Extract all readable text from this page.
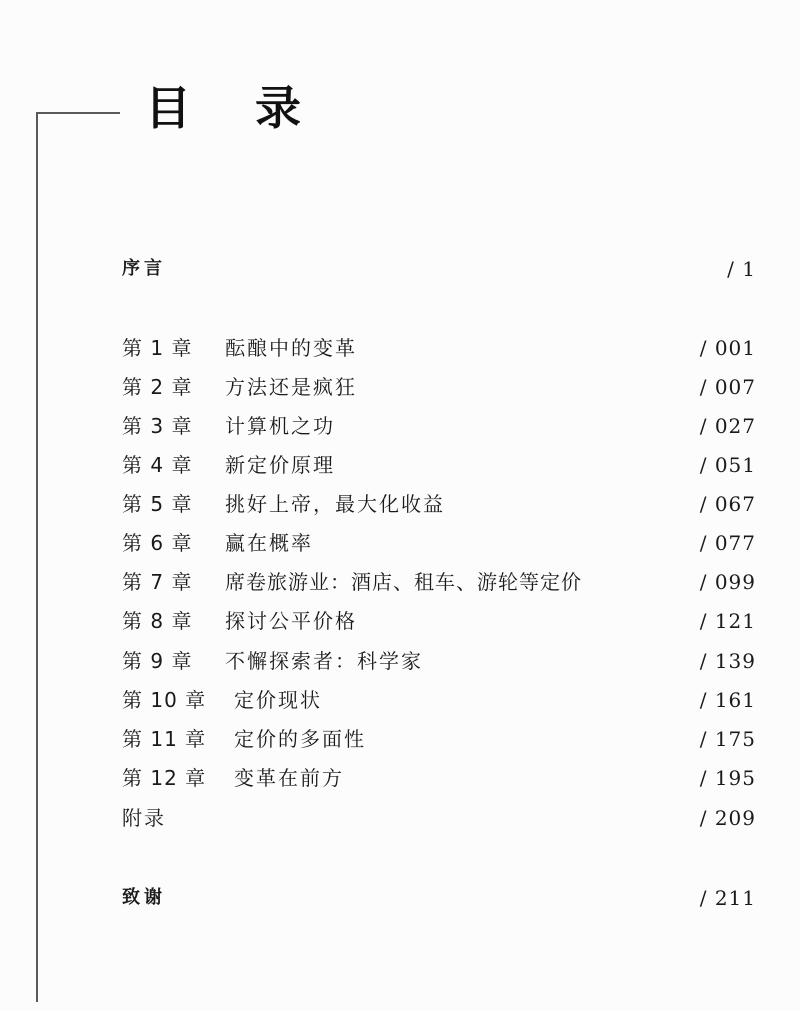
目 录
序言	/ 1
第 1 章 酝酿中的变革	/ 001
第 2 章 方法还是疯狂	/ 007
第 3 章 计算机之功	/ 027
第 4 章 新定价原理	/ 051
第 5 章 挑好上帝，最大化收益	/ 067
第 6 章 赢在概率	/ 077
第 7 章 席卷旅游业：酒店、租车、游轮等定价	/ 099
第 8 章 探讨公平价格	/ 121
第 9 章 不懈探索者：科学家	/ 139
第 10 章 定价现状	/ 161
第 11 章 定价的多面性	/ 175
第 12 章 变革在前方	/ 195
附录	/ 209
致谢	/ 211
